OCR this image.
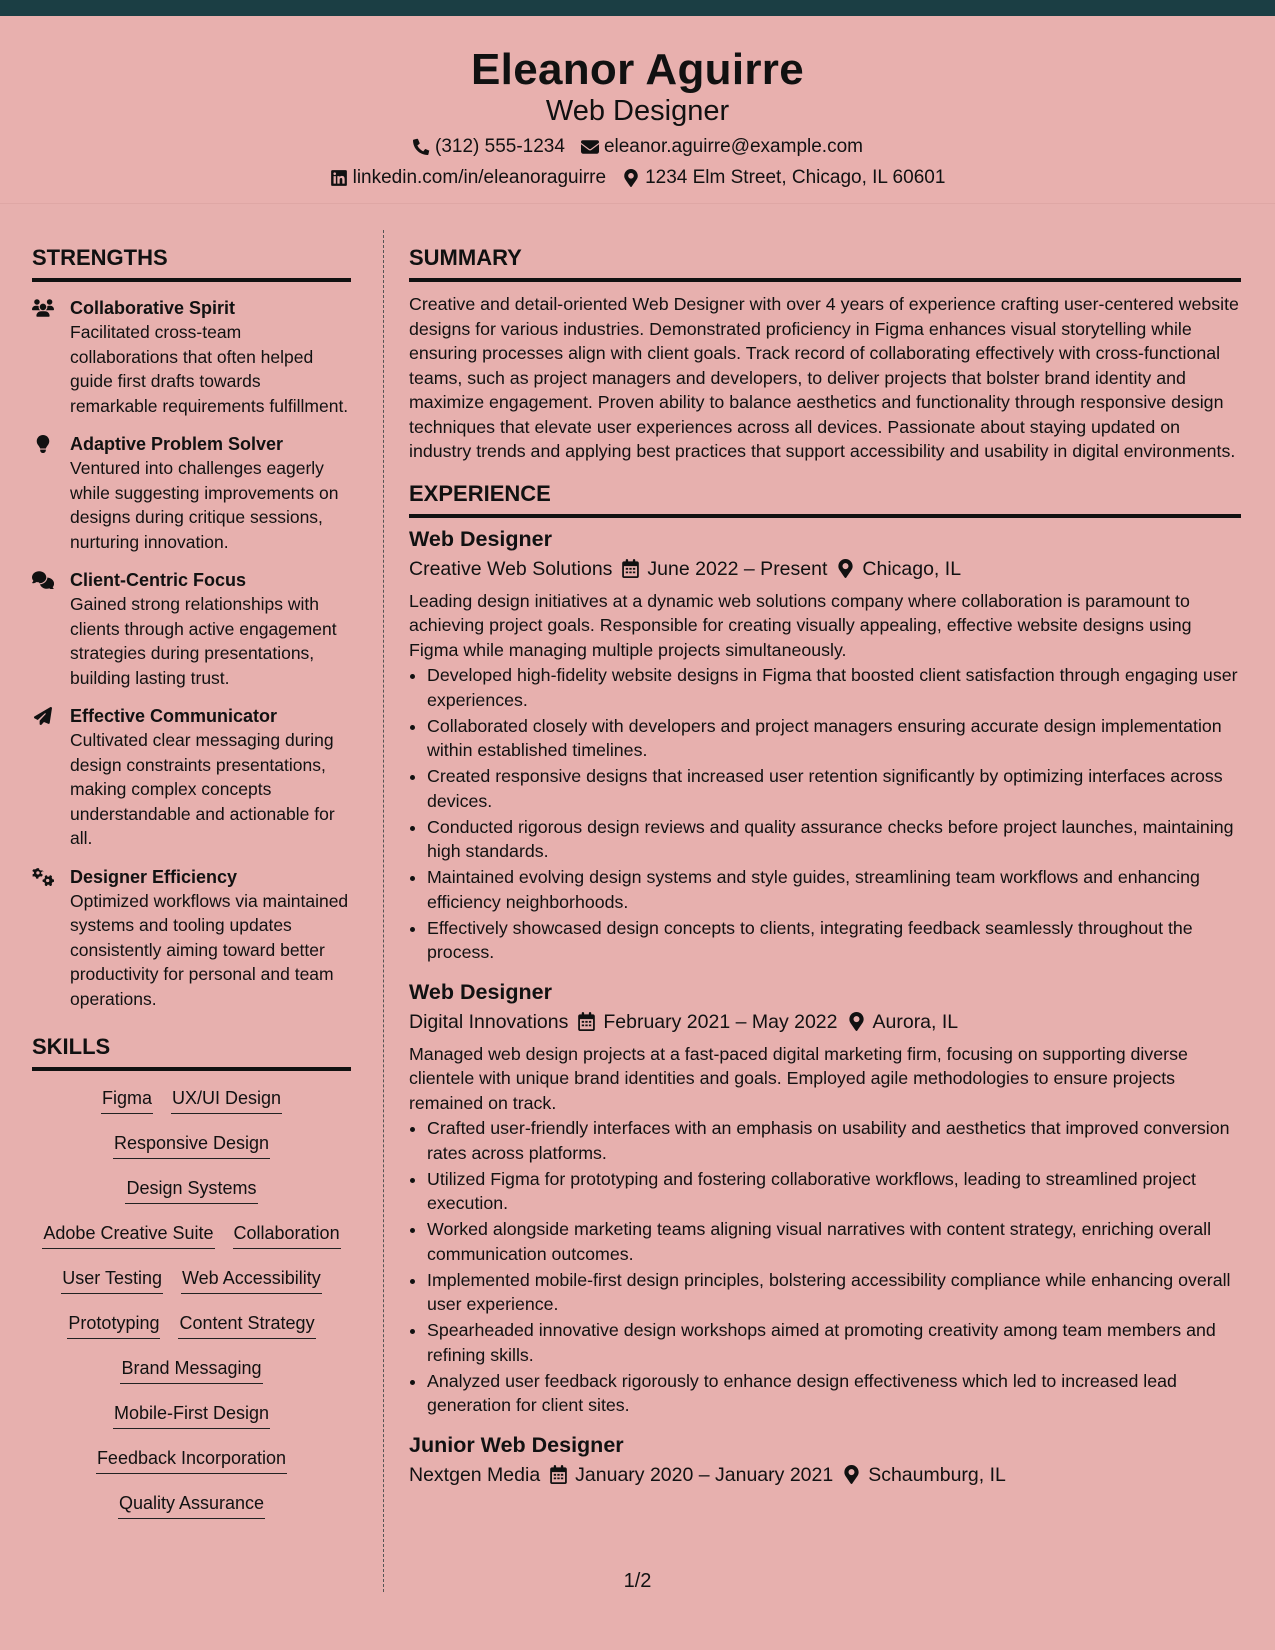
Eleanor Aguirre
Web Designer
(312) 555-1234 eleanor.aguirre@example.com
linkedin.com/in/eleanoraguirre 1234 Elm Street, Chicago, IL 60601
STRENGTHS
Collaborative Spirit
Facilitated cross-team collaborations that often helped guide first drafts towards remarkable requirements fulfillment.
Adaptive Problem Solver
Ventured into challenges eagerly while suggesting improvements on designs during critique sessions, nurturing innovation.
Client-Centric Focus
Gained strong relationships with clients through active engagement strategies during presentations, building lasting trust.
Effective Communicator
Cultivated clear messaging during design constraints presentations, making complex concepts understandable and actionable for all.
Designer Efficiency
Optimized workflows via maintained systems and tooling updates consistently aiming toward better productivity for personal and team operations.
SKILLS
Figma UX/UI Design
Responsive Design
Design Systems
Adobe Creative Suite Collaboration
User Testing Web Accessibility
Prototyping Content Strategy
Brand Messaging
Mobile-First Design
Feedback Incorporation
Quality Assurance
SUMMARY
Creative and detail-oriented Web Designer with over 4 years of experience crafting user-centered website designs for various industries. Demonstrated proficiency in Figma enhances visual storytelling while ensuring processes align with client goals. Track record of collaborating effectively with cross-functional teams, such as project managers and developers, to deliver projects that bolster brand identity and maximize engagement. Proven ability to balance aesthetics and functionality through responsive design techniques that elevate user experiences across all devices. Passionate about staying updated on industry trends and applying best practices that support accessibility and usability in digital environments.
EXPERIENCE
Web Designer
Creative Web Solutions June 2022 – Present Chicago, IL
Leading design initiatives at a dynamic web solutions company where collaboration is paramount to achieving project goals. Responsible for creating visually appealing, effective website designs using Figma while managing multiple projects simultaneously.
• Developed high-fidelity website designs in Figma that boosted client satisfaction through engaging user experiences.
• Collaborated closely with developers and project managers ensuring accurate design implementation within established timelines.
• Created responsive designs that increased user retention significantly by optimizing interfaces across devices.
• Conducted rigorous design reviews and quality assurance checks before project launches, maintaining high standards.
• Maintained evolving design systems and style guides, streamlining team workflows and enhancing efficiency neighborhoods.
• Effectively showcased design concepts to clients, integrating feedback seamlessly throughout the process.
Web Designer
Digital Innovations February 2021 – May 2022 Aurora, IL
Managed web design projects at a fast-paced digital marketing firm, focusing on supporting diverse clientele with unique brand identities and goals. Employed agile methodologies to ensure projects remained on track.
• Crafted user-friendly interfaces with an emphasis on usability and aesthetics that improved conversion rates across platforms.
• Utilized Figma for prototyping and fostering collaborative workflows, leading to streamlined project execution.
• Worked alongside marketing teams aligning visual narratives with content strategy, enriching overall communication outcomes.
• Implemented mobile-first design principles, bolstering accessibility compliance while enhancing overall user experience.
• Spearheaded innovative design workshops aimed at promoting creativity among team members and refining skills.
• Analyzed user feedback rigorously to enhance design effectiveness which led to increased lead generation for client sites.
Junior Web Designer
Nextgen Media January 2020 – January 2021 Schaumburg, IL
1/2
